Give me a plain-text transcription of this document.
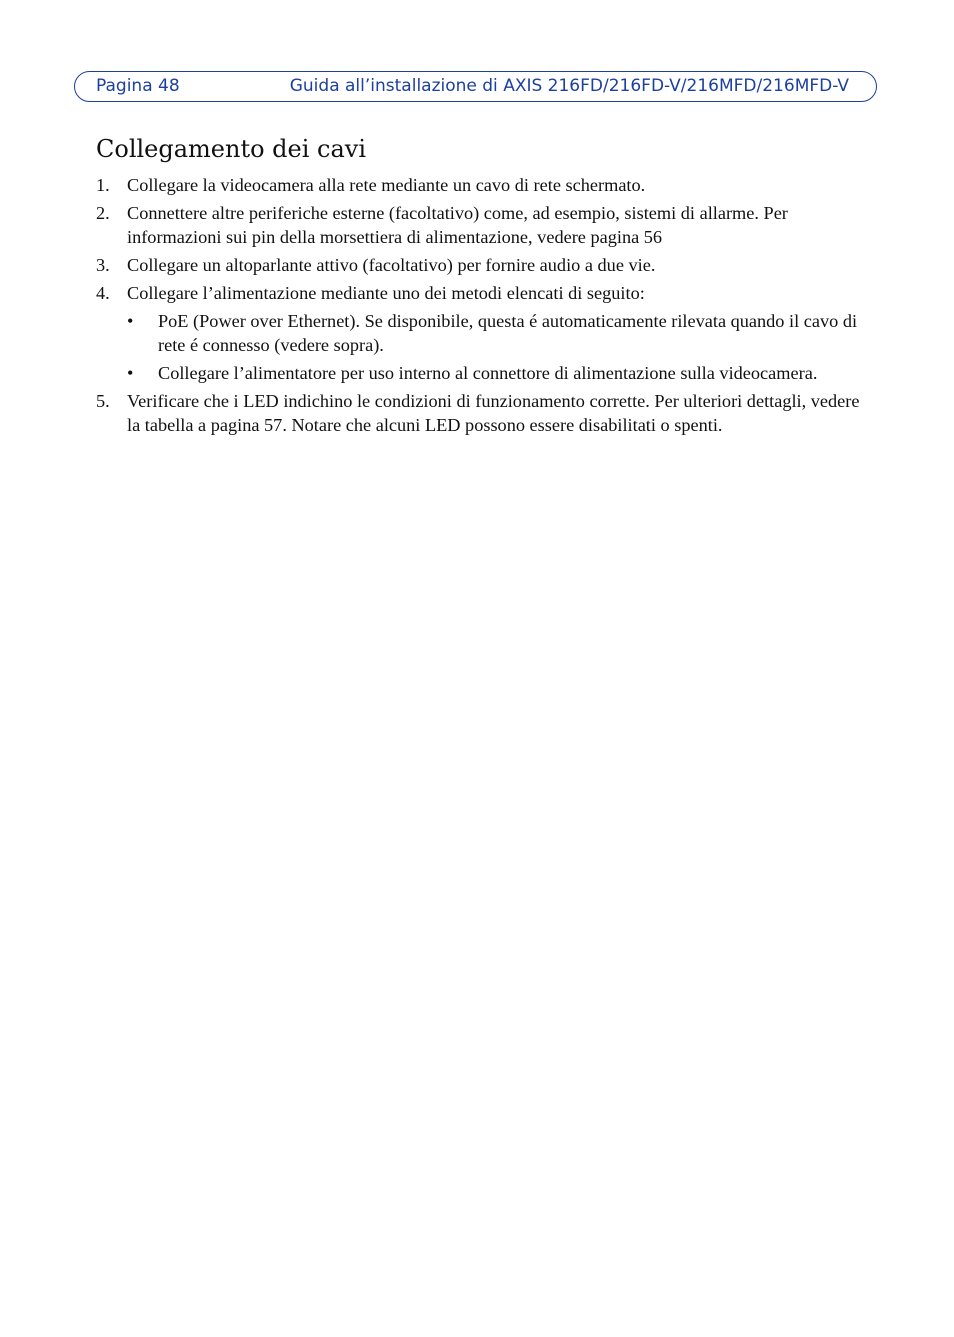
Pagina 48	Guida all’installazione di AXIS 216FD/216FD-V/216MFD/216MFD-V
Collegamento dei cavi
1. Collegare la videocamera alla rete mediante un cavo di rete schermato.
2. Connettere altre periferiche esterne (facoltativo) come, ad esempio, sistemi di allarme. Per informazioni sui pin della morsettiera di alimentazione, vedere pagina 56
3. Collegare un altoparlante attivo (facoltativo) per fornire audio a due vie.
4. Collegare l’alimentazione mediante uno dei metodi elencati di seguito:
• PoE (Power over Ethernet). Se disponibile, questa é automaticamente rilevata quando il cavo di rete é connesso (vedere sopra).
• Collegare l’alimentatore per uso interno al connettore di alimentazione sulla videocamera.
5. Verificare che i LED indichino le condizioni di funzionamento corrette. Per ulteriori dettagli, vedere la tabella a pagina 57. Notare che alcuni LED possono essere disabilitati o spenti.
